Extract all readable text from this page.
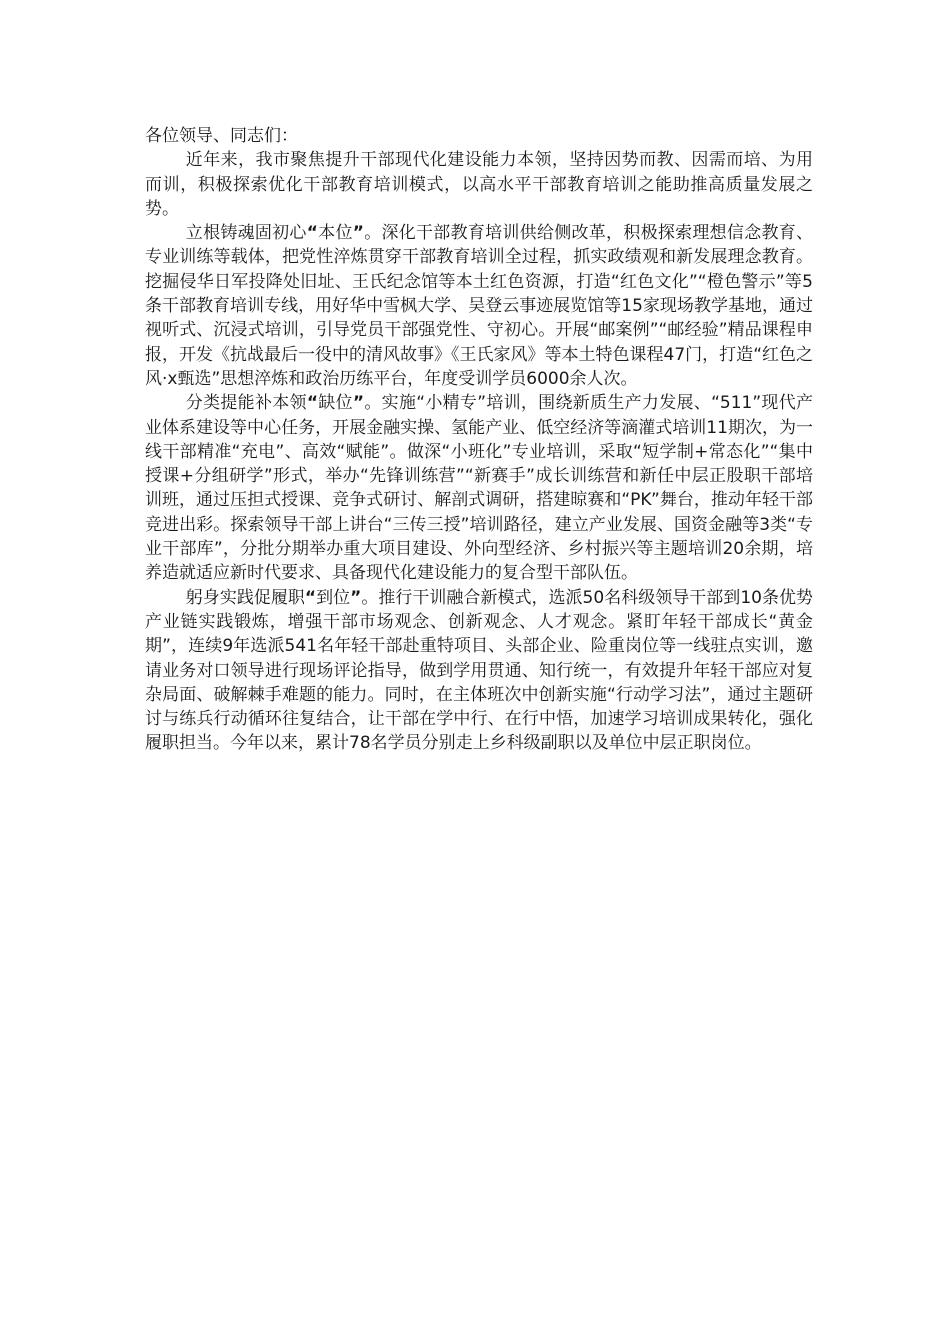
各位领导、同志们：

近年来，我市聚焦提升干部现代化建设能力本领，坚持因势而教、因需而培、为用而训，积极探索优化干部教育培训模式，以高水平干部教育培训之能助推高质量发展之势。

立根铸魂固初心“本位”。深化干部教育培训供给侧改革，积极探索理想信念教育、专业训练等载体，把党性淬炼贯穿干部教育培训全过程，抓实政绩观和新发展理念教育。挖掘侵华日军投降处旧址、王氏纪念馆等本土红色资源，打造“红色文化”“橙色警示”等5条干部教育培训专线，用好华中雪枫大学、吴登云事迹展览馆等15家现场教学基地，通过视听式、沉浸式培训，引导党员干部强党性、守初心。开展“邮案例”“邮经验”精品课程申报，开发《抗战最后一役中的清风故事》《王氏家风》等本土特色课程47门，打造“红色之风·x甄选”思想淬炼和政治历练平台，年度受训学员6000余人次。

分类提能补本领“缺位”。实施“小精专”培训，围绕新质生产力发展、“511”现代产业体系建设等中心任务，开展金融实操、氢能产业、低空经济等滴灌式培训11期次，为一线干部精准“充电”、高效“赋能”。做深“小班化”专业培训，采取“短学制+常态化”“集中授课+分组研学”形式，举办“先锋训练营”“新赛手”成长训练营和新任中层正股职干部培训班，通过压担式授课、竞争式研讨、解剖式调研，搭建晾赛和“PK”舞台，推动年轻干部竞进出彩。探索领导干部上讲台“三传三授”培训路径，建立产业发展、国资金融等3类“专业干部库”，分批分期举办重大项目建设、外向型经济、乡村振兴等主题培训20余期，培养造就适应新时代要求、具备现代化建设能力的复合型干部队伍。

躬身实践促履职“到位”。推行干训融合新模式，选派50名科级领导干部到10条优势产业链实践锻炼，增强干部市场观念、创新观念、人才观念。紧盯年轻干部成长“黄金期”，连续9年选派541名年轻干部赴重特项目、头部企业、险重岗位等一线驻点实训，邀请业务对口领导进行现场评论指导，做到学用贯通、知行统一，有效提升年轻干部应对复杂局面、破解棘手难题的能力。同时，在主体班次中创新实施“行动学习法”，通过主题研讨与练兵行动循环往复结合，让干部在学中行、在行中悟，加速学习培训成果转化，强化履职担当。今年以来，累计78名学员分别走上乡科级副职以及单位中层正职岗位。
